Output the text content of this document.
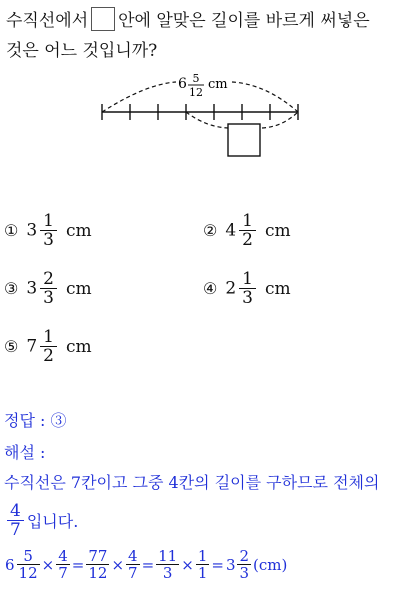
수직선에서 안에 알맞은 길이를 바르게 써넣은
것은 어느 것입니까?
6 5
12
cm
① $3 \frac{1}{3}$ cm	② $4 \frac{1}{2}$ cm
③ $3 \frac{2}{3}$ cm	④ $2 \frac{1}{3}$ cm
⑤ $7 \frac{1}{2}$ cm
정답 : ③
해설 :
수직선은 7칸이고 그중 4칸의 길이를 구하므로 전체의
$\frac{4}{7}$ 입니다.
$6 \frac{5}{12} \times \frac{4}{7} = \frac{77}{12} \times \frac{4}{7} = \frac{11}{3} \times \frac{1}{1} = 3 \frac{2}{3} (cm)$
